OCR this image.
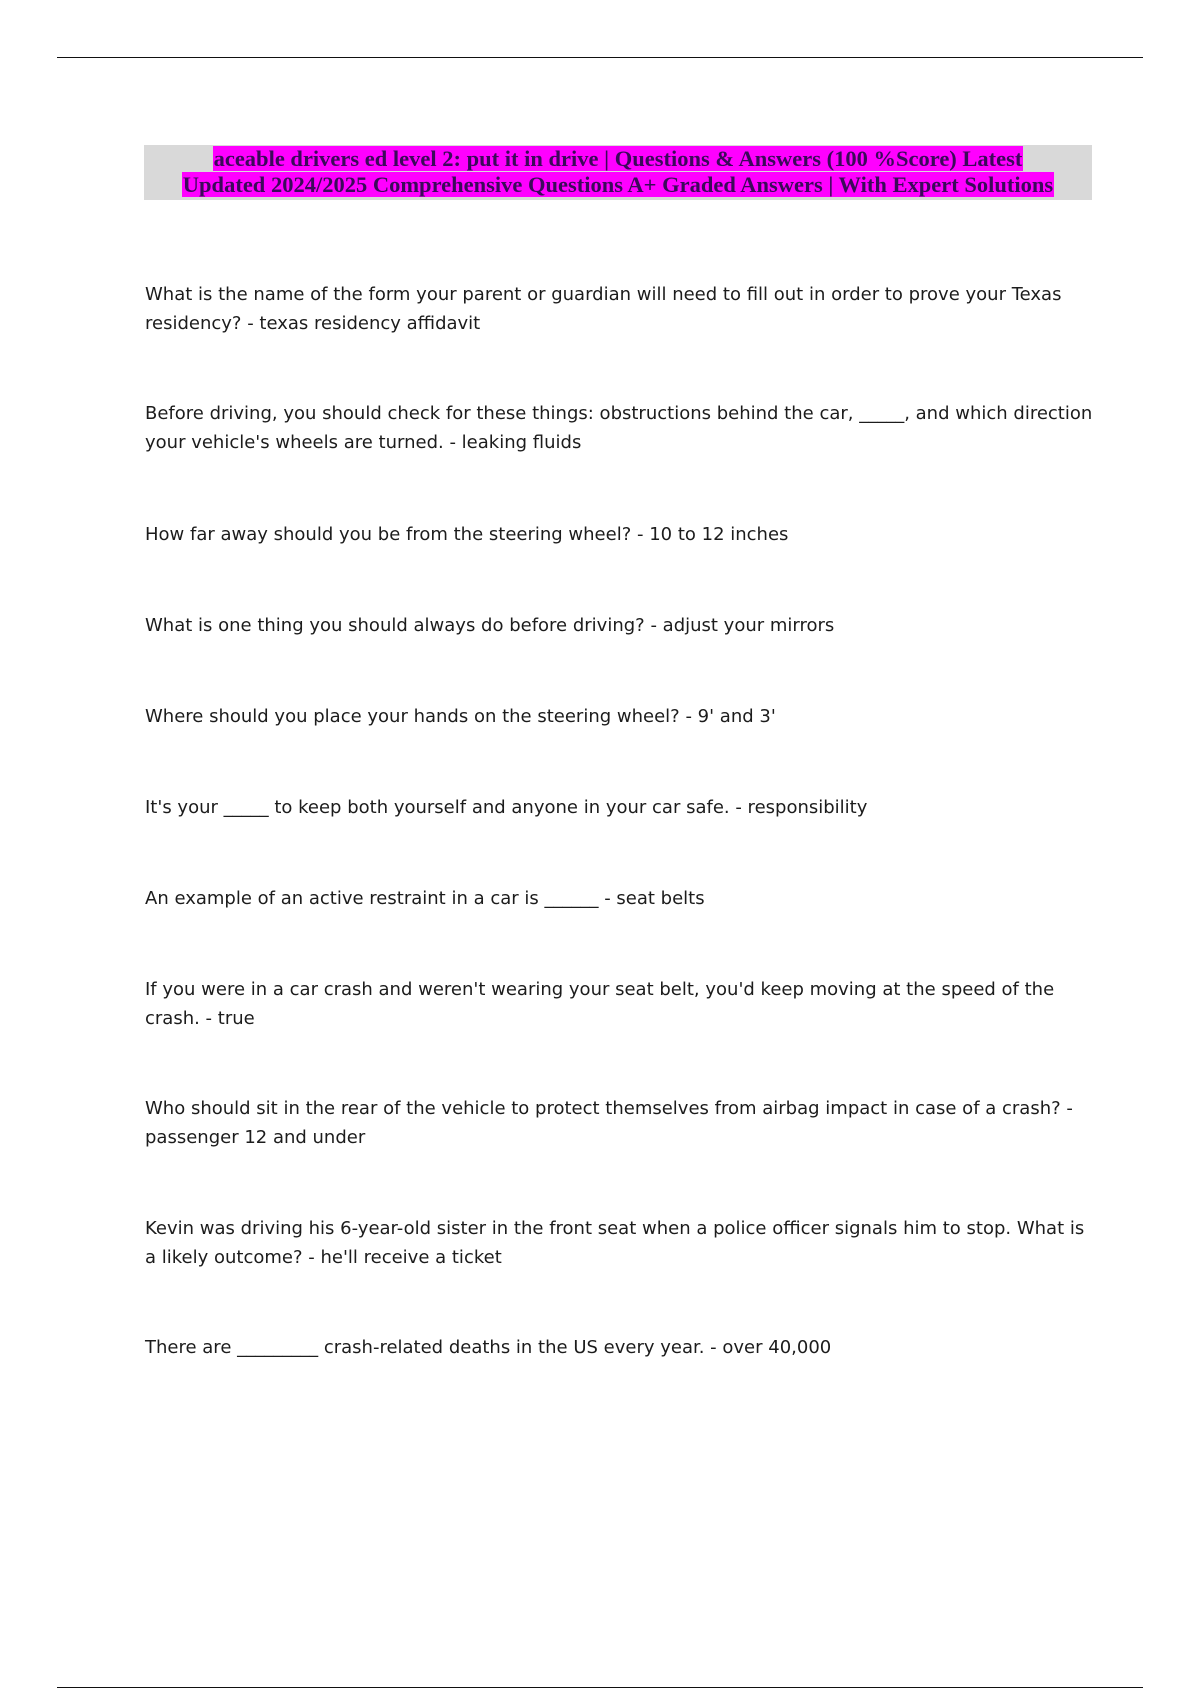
aceable drivers ed level 2: put it in drive | Questions & Answers (100 %Score) Latest
Updated 2024/2025 Comprehensive Questions A+ Graded Answers | With Expert Solutions

What is the name of the form your parent or guardian will need to fill out in order to prove your Texas residency? - texas residency affidavit

Before driving, you should check for these things: obstructions behind the car, _____, and which direction your vehicle's wheels are turned. - leaking fluids

How far away should you be from the steering wheel? - 10 to 12 inches

What is one thing you should always do before driving? - adjust your mirrors

Where should you place your hands on the steering wheel? - 9' and 3'

It's your _____ to keep both yourself and anyone in your car safe. - responsibility

An example of an active restraint in a car is ______ - seat belts

If you were in a car crash and weren't wearing your seat belt, you'd keep moving at the speed of the crash. - true

Who should sit in the rear of the vehicle to protect themselves from airbag impact in case of a crash? - passenger 12 and under

Kevin was driving his 6-year-old sister in the front seat when a police officer signals him to stop. What is a likely outcome? - he'll receive a ticket

There are _________ crash-related deaths in the US every year. - over 40,000
